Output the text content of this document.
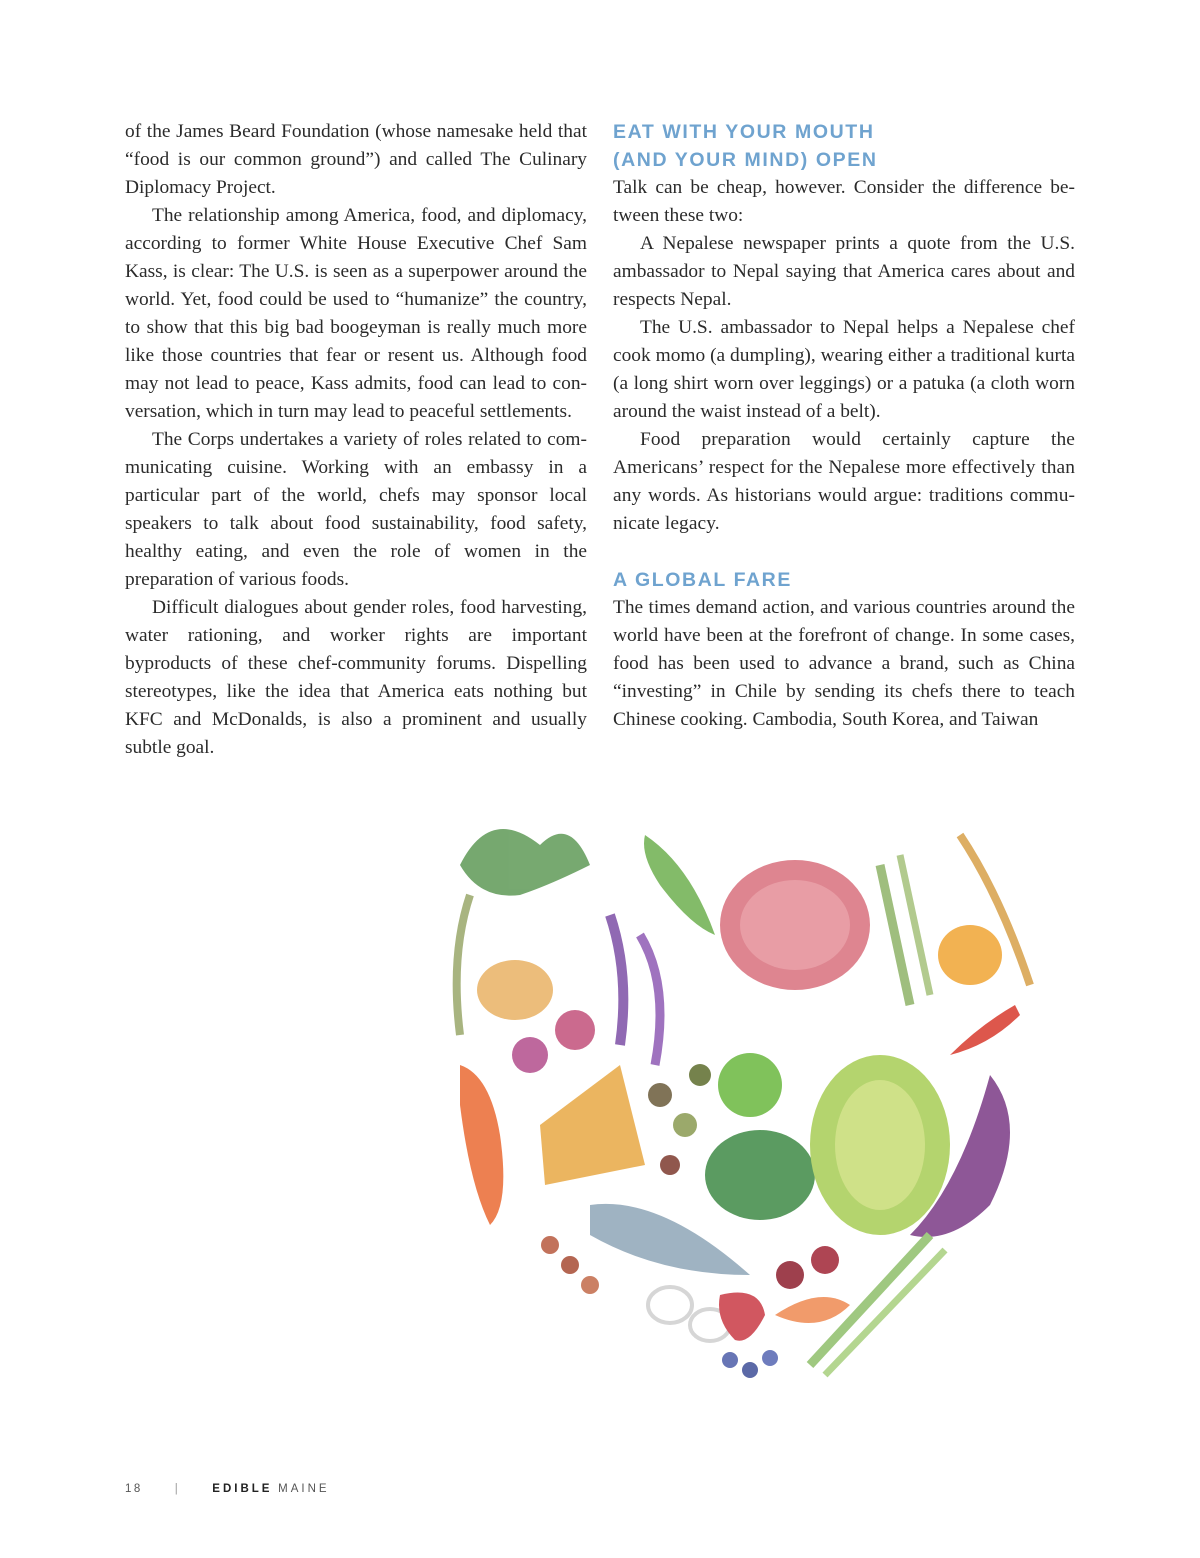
of the James Beard Foundation (whose namesake held that “food is our common ground”) and called The Culinary Diplomacy Project.

The relationship among America, food, and diplomacy, according to former White House Executive Chef Sam Kass, is clear: The U.S. is seen as a superpower around the world. Yet, food could be used to “humanize” the country, to show that this big bad boogeyman is really much more like those countries that fear or resent us. Although food may not lead to peace, Kass admits, food can lead to conversation, which in turn may lead to peaceful settlements.

The Corps undertakes a variety of roles related to communicating cuisine. Working with an embassy in a particular part of the world, chefs may sponsor local speakers to talk about food sustainability, food safety, healthy eating, and even the role of women in the preparation of various foods.

Difficult dialogues about gender roles, food harvesting, water rationing, and worker rights are important byproducts of these chef-community forums. Dispelling stereotypes, like the idea that America eats nothing but KFC and McDonalds, is also a prominent and usually subtle goal.

EAT WITH YOUR MOUTH
(AND YOUR MIND) OPEN

Talk can be cheap, however. Consider the difference between these two:

A Nepalese newspaper prints a quote from the U.S. ambassador to Nepal saying that America cares about and respects Nepal.

The U.S. ambassador to Nepal helps a Nepalese chef cook momo (a dumpling), wearing either a traditional kurta (a long shirt worn over leggings) or a patuka (a cloth worn around the waist instead of a belt).

Food preparation would certainly capture the Americans’ respect for the Nepalese more effectively than any words. As historians would argue: traditions communicate legacy.

A GLOBAL FARE

The times demand action, and various countries around the world have been at the forefront of change. In some cases, food has been used to advance a brand, such as China “investing” in Chile by sending its chefs there to teach Chinese cooking. Cambodia, South Korea, and Taiwan

18	|	EDIBLE MAINE
